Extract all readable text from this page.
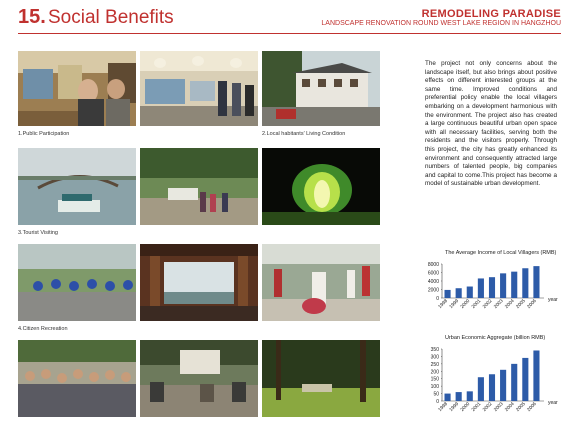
15. Social Benefits	REMODELING PARADISE
LANDSCAPE RENOVATION ROUND WEST LAKE REGION IN HANGZHOU
1.Public Participation	2.Local habitants' Living Condition
3.Tourist Visiting
4.Citizen Recreation
The project not only concerns about the landscape itself, but also brings about positive effects on different interested groups at the same time. Improved conditions and preferential policy enable the local villagers embarking on a development harmonious with the environment. The project also has created a large continuous beautiful urban open space with all necessary facilities, serving both the residents and the visitors properly. Through this project, the city has greatly enhanced its environment and consequently attracted large numbers of talented people, big companies and capital to come.This project has become a model of sustainable urban development.
The Average Income of Local Villagers (RMB)
0
2000
4000
6000
8000
1998 1999 2000 2001 2002 2003 2004 2005 2006 year
Urban Economic Aggregate (billion RMB)
0
50
100
150
200
250
300
350
1998 1999 2000 2001 2002 2003 2004 2005 2006 year
